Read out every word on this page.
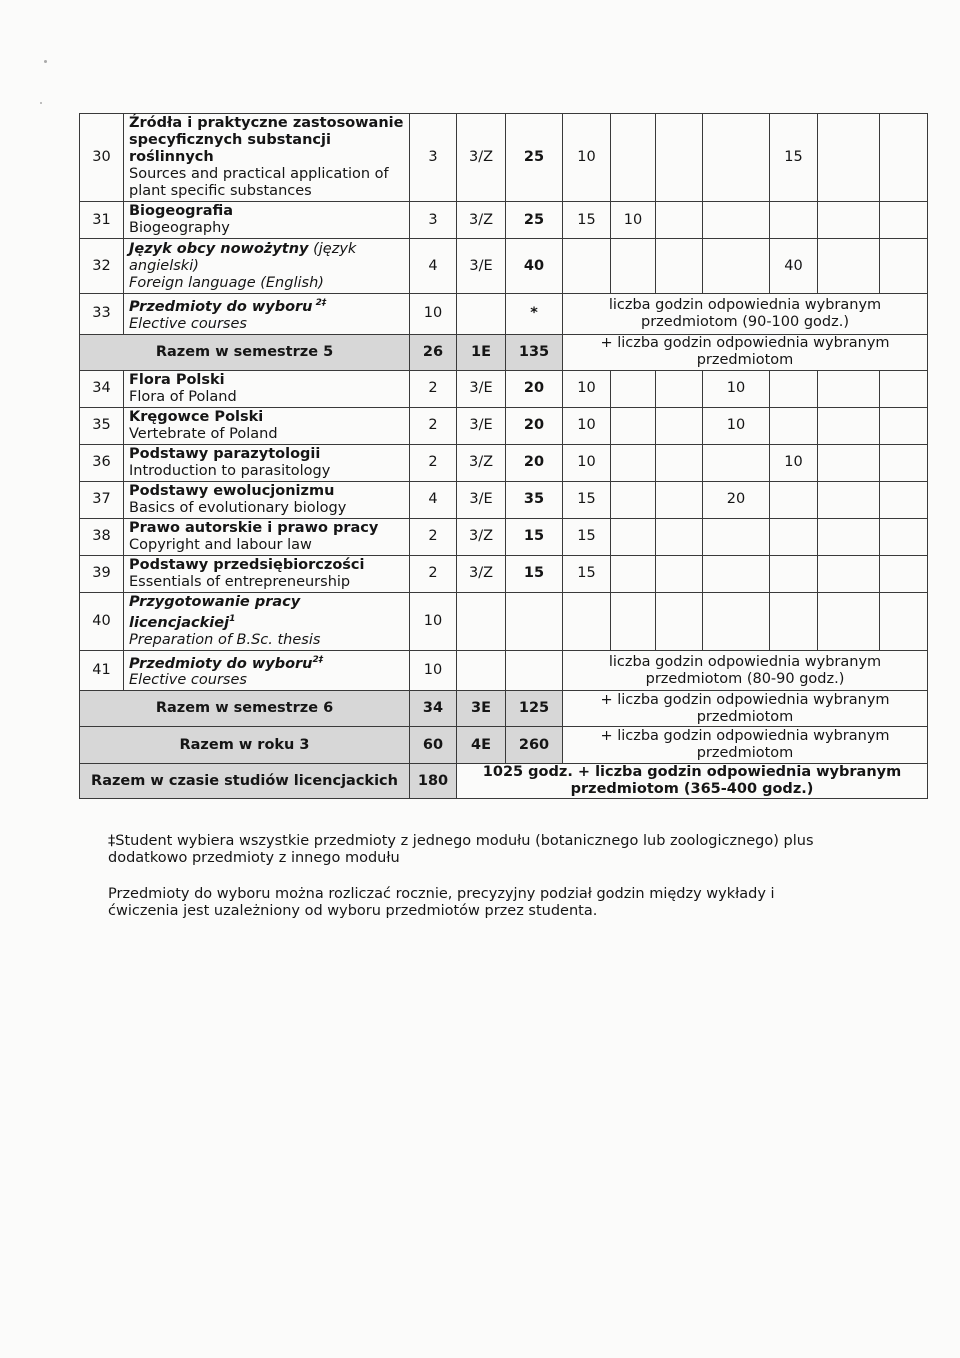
30	Źródła i praktyczne zastosowanie specyficznych substancji roślinnych
Sources and practical application of plant specific substances	3	3/Z	25	10				15		
31	Biogeografia
Biogeography	3	3/Z	25	15	10					
32	Język obcy nowożytny (język angielski)
Foreign language (English)	4	3/E	40					40		
33	Przedmioty do wyboru $^{2\ddagger}$
Elective courses	10		*	liczba godzin odpowiednia wybranym przedmiotom (90-100 godz.)						
Razem w semestrze 5		26	1E	135	+ liczba godzin odpowiednia wybranym przedmiotom						
34	Flora Polski
Flora of Poland	2	3/E	20	10			10			
35	Kręgowce Polski
Vertebrate of Poland	2	3/E	20	10			10			
36	Podstawy parazytologii
Introduction to parasitology	2	3/Z	20	10				10		
37	Podstawy ewolucjonizmu
Basics of evolutionary biology	4	3/E	35	15			20			
38	Prawo autorskie i prawo pracy
Copyright and labour law	2	3/Z	15	15						
39	Podstawy przedsiębiorczości
Essentials of entrepreneurship	2	3/Z	15	15						
40	Przygotowanie pracy
licencjackiej$^1$
Preparation of B.Sc. thesis	10									
41	Przedmioty do wyboru$^{2\ddagger}$
Elective courses	10			liczba godzin odpowiednia wybranym przedmiotom (80-90 godz.)						
Razem w semestrze 6		34	3E	125	+ liczba godzin odpowiednia wybranym przedmiotom						
Razem w roku 3		60	4E	260	+ liczba godzin odpowiednia wybranym przedmiotom						
Razem w czasie studiów licencjackich		180	1025 godz. + liczba godzin odpowiednia wybranym przedmiotom (365-400 godz.)								
‡Student wybiera wszystkie przedmioty z jednego modułu (botanicznego lub zoologicznego) plus dodatkowo przedmioty z innego modułu
Przedmioty do wyboru można rozliczać rocznie, precyzyjny podział godzin między wykłady i ćwiczenia jest uzależniony od wyboru przedmiotów przez studenta.
